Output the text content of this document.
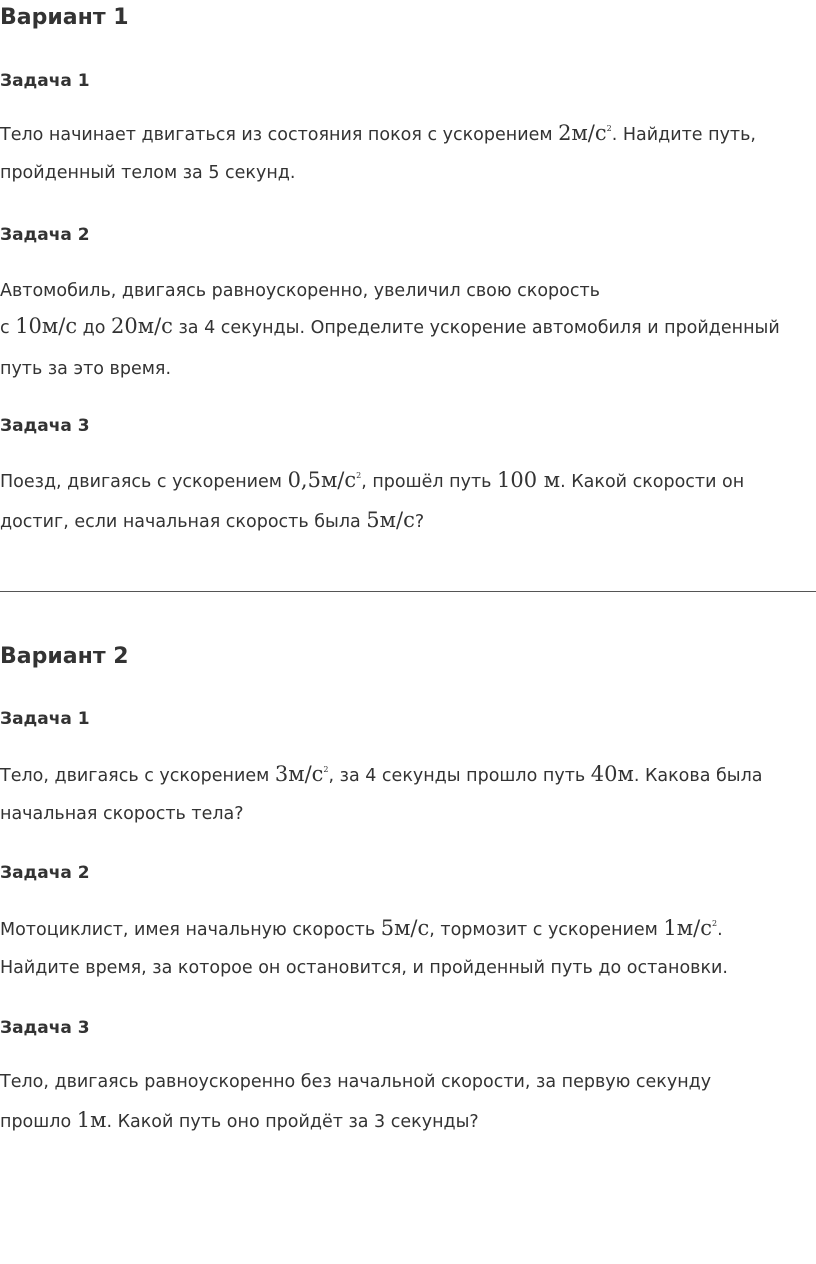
Вариант 1
Задача 1

Тело начинает двигаться из состояния покоя с ускорением $2м/с^2$. Найдите путь,
пройденный телом за 5 секунд.

Задача 2

Автомобиль, двигаясь равноускоренно, увеличил свою скорость
с 10м/с до 20м/с за 4 секунды. Определите ускорение автомобиля и пройденный
путь за это время.

Задача 3

Поезд, двигаясь с ускорением $0,5м/с^2$, прошёл путь 100 м. Какой скорости он
достиг, если начальная скорость была 5м/с?

Вариант 2
Задача 1

Тело, двигаясь с ускорением $3м/с^2$, за 4 секунды прошло путь 40м. Какова была
начальная скорость тела?

Задача 2

Мотоциклист, имея начальную скорость 5м/с, тормозит с ускорением $1м/с^2$.
Найдите время, за которое он остановится, и пройденный путь до остановки.

Задача 3

Тело, двигаясь равноускоренно без начальной скорости, за первую секунду
прошло 1м. Какой путь оно пройдёт за 3 секунды?
